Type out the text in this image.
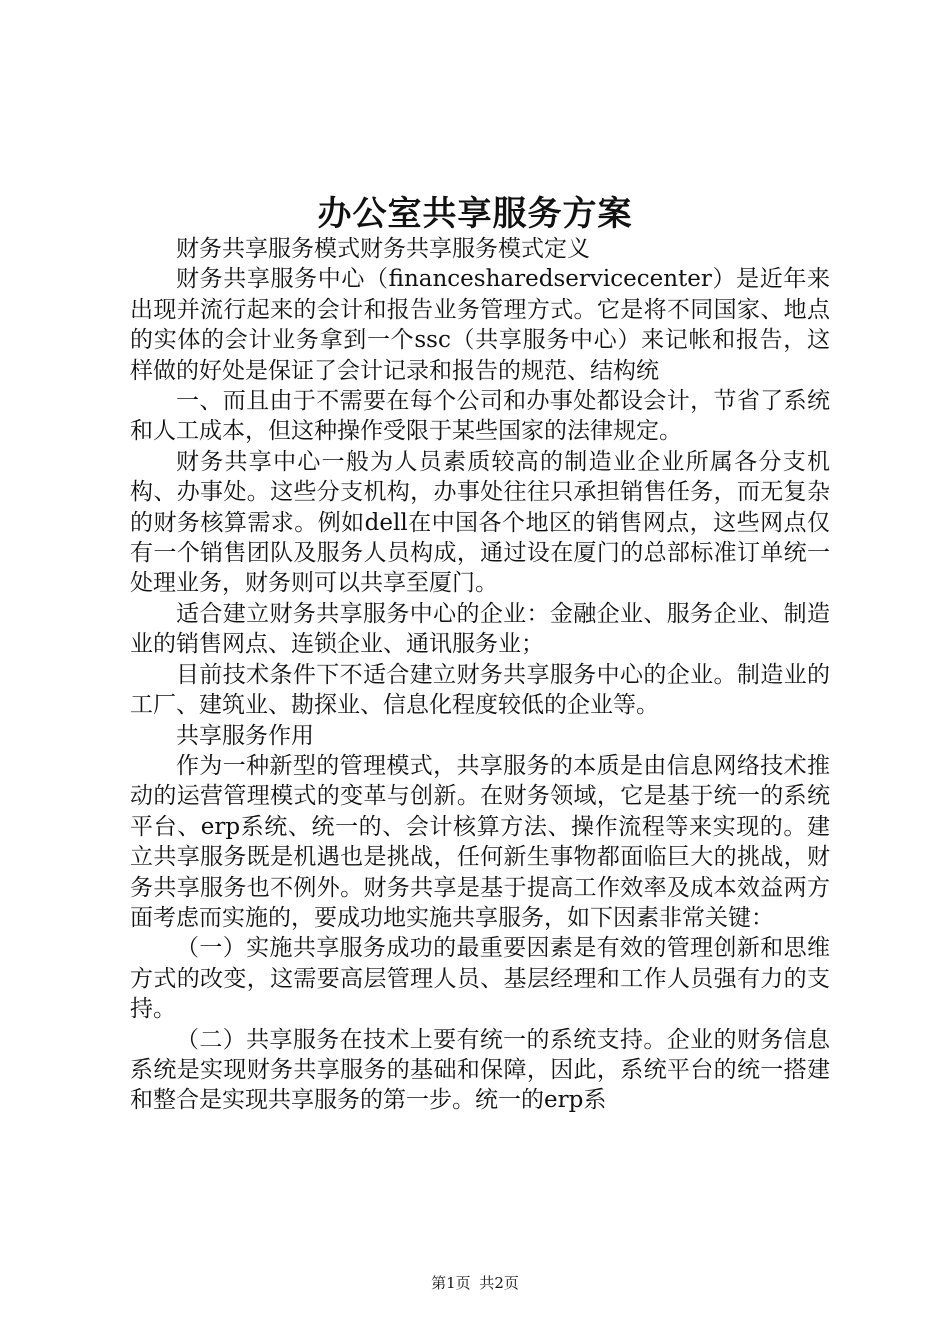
办公室共享服务方案

财务共享服务模式财务共享服务模式定义

财务共享服务中心（financesharedservicecenter）是近年来出现并流行起来的会计和报告业务管理方式。它是将不同国家、地点的实体的会计业务拿到一个ssc（共享服务中心）来记帐和报告，这样做的好处是保证了会计记录和报告的规范、结构统

一、而且由于不需要在每个公司和办事处都设会计，节省了系统和人工成本，但这种操作受限于某些国家的法律规定。

财务共享中心一般为人员素质较高的制造业企业所属各分支机构、办事处。这些分支机构，办事处往往只承担销售任务，而无复杂的财务核算需求。例如dell在中国各个地区的销售网点，这些网点仅有一个销售团队及服务人员构成，通过设在厦门的总部标准订单统一处理业务，财务则可以共享至厦门。

适合建立财务共享服务中心的企业：金融企业、服务企业、制造业的销售网点、连锁企业、通讯服务业；

目前技术条件下不适合建立财务共享服务中心的企业。制造业的工厂、建筑业、勘探业、信息化程度较低的企业等。

共享服务作用

作为一种新型的管理模式，共享服务的本质是由信息网络技术推动的运营管理模式的变革与创新。在财务领域，它是基于统一的系统平台、erp系统、统一的、会计核算方法、操作流程等来实现的。建立共享服务既是机遇也是挑战，任何新生事物都面临巨大的挑战，财务共享服务也不例外。财务共享是基于提高工作效率及成本效益两方面考虑而实施的，要成功地实施共享服务，如下因素非常关键：

（一）实施共享服务成功的最重要因素是有效的管理创新和思维方式的改变，这需要高层管理人员、基层经理和工作人员强有力的支持。

（二）共享服务在技术上要有统一的系统支持。企业的财务信息系统是实现财务共享服务的基础和保障，因此，系统平台的统一搭建和整合是实现共享服务的第一步。统一的erp系

第1页 共2页
